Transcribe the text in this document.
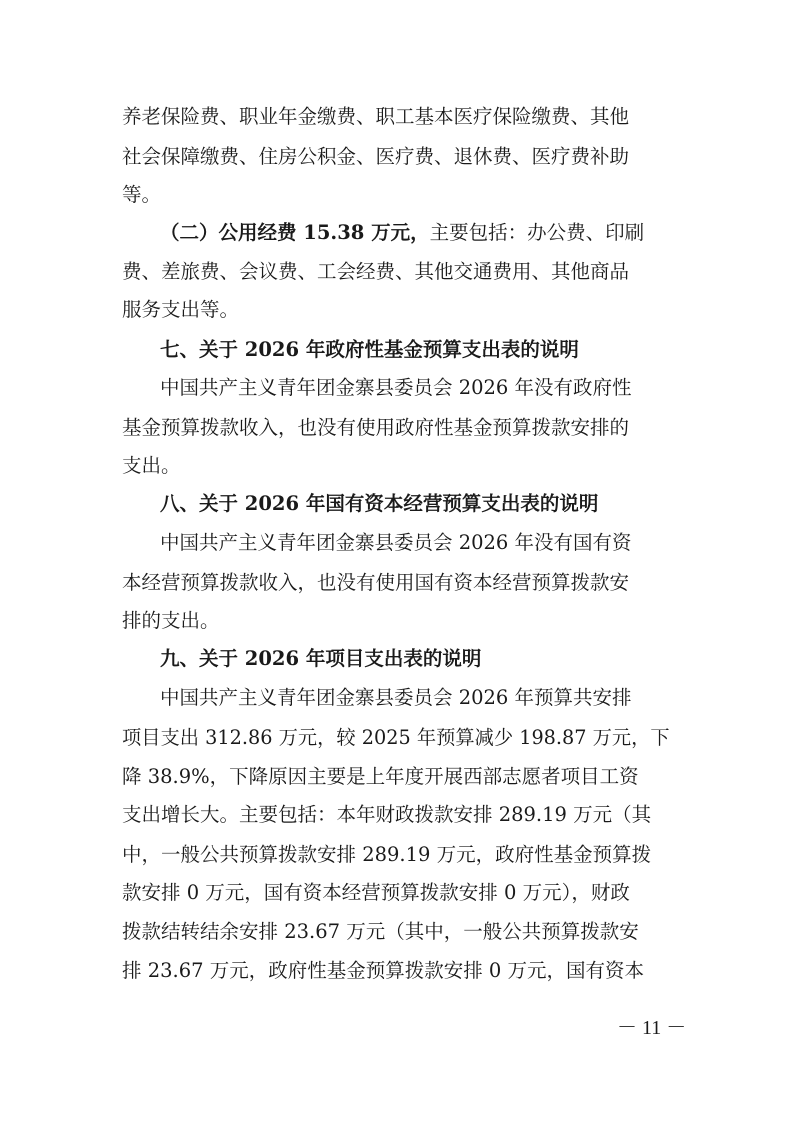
养老保险费、职业年金缴费、职工基本医疗保险缴费、其他
社会保障缴费、住房公积金、医疗费、退休费、医疗费补助
等。
（二）公用经费 15.38 万元，主要包括：办公费、印刷
费、差旅费、会议费、工会经费、其他交通费用、其他商品
服务支出等。
七、关于 2026 年政府性基金预算支出表的说明
中国共产主义青年团金寨县委员会 2026 年没有政府性
基金预算拨款收入，也没有使用政府性基金预算拨款安排的
支出。
八、关于 2026 年国有资本经营预算支出表的说明
中国共产主义青年团金寨县委员会 2026 年没有国有资
本经营预算拨款收入，也没有使用国有资本经营预算拨款安
排的支出。
九、关于 2026 年项目支出表的说明
中国共产主义青年团金寨县委员会 2026 年预算共安排
项目支出 312.86 万元，较 2025 年预算减少 198.87 万元，下
降 38.9%，下降原因主要是上年度开展西部志愿者项目工资
支出增长大。主要包括：本年财政拨款安排 289.19 万元（其
中，一般公共预算拨款安排 289.19 万元，政府性基金预算拨
款安排 0 万元，国有资本经营预算拨款安排 0 万元），财政
拨款结转结余安排 23.67 万元（其中，一般公共预算拨款安
排 23.67 万元，政府性基金预算拨款安排 0 万元，国有资本
－ 11 －
